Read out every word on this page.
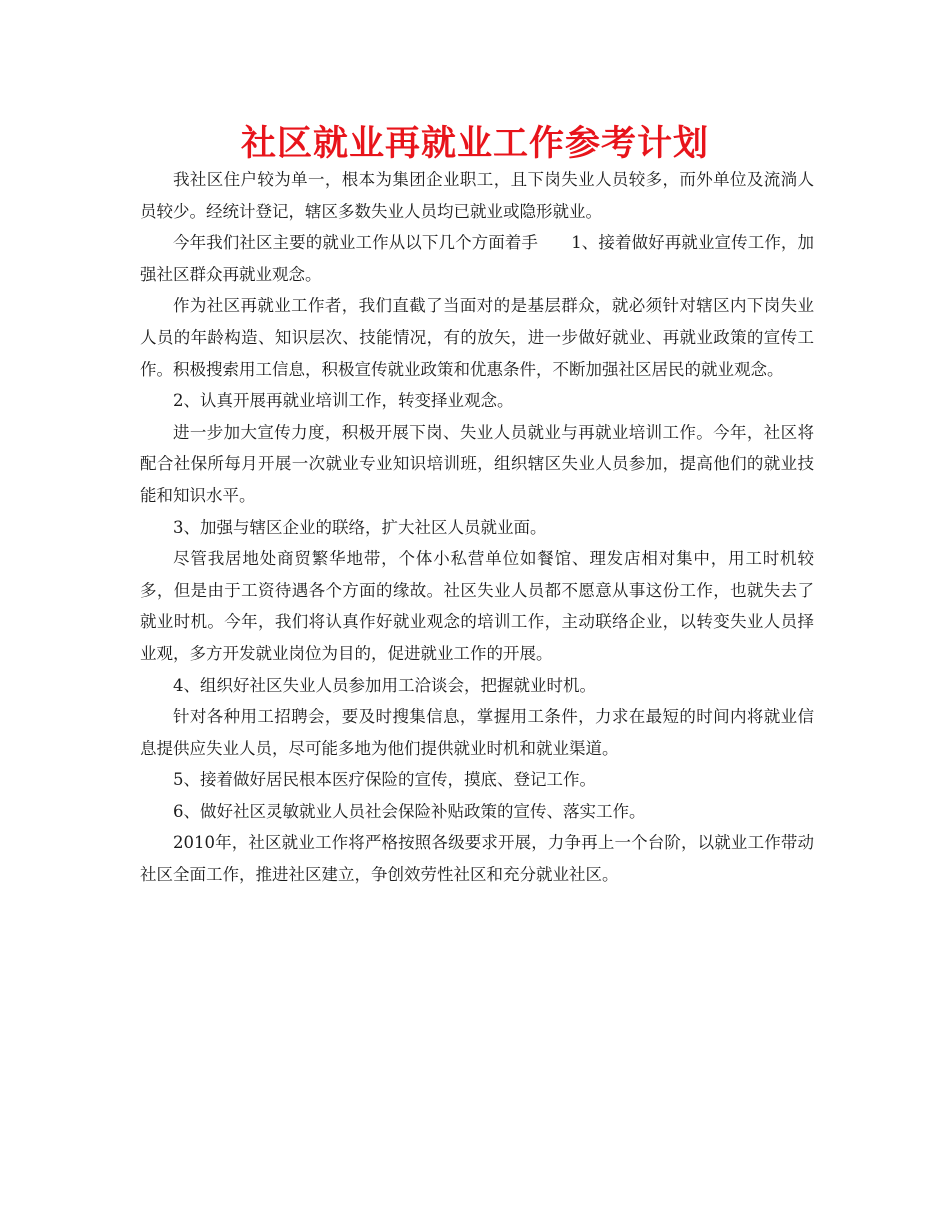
社区就业再就业工作参考计划

我社区住户较为单一，根本为集团企业职工，且下岗失业人员较多，而外单位及流淌人员较少。经统计登记，辖区多数失业人员均已就业或隐形就业。

今年我们社区主要的就业工作从以下几个方面着手　　1、接着做好再就业宣传工作，加强社区群众再就业观念。

作为社区再就业工作者，我们直截了当面对的是基层群众，就必须针对辖区内下岗失业人员的年龄构造、知识层次、技能情况，有的放矢，进一步做好就业、再就业政策的宣传工作。积极搜索用工信息，积极宣传就业政策和优惠条件，不断加强社区居民的就业观念。

2、认真开展再就业培训工作，转变择业观念。

进一步加大宣传力度，积极开展下岗、失业人员就业与再就业培训工作。今年，社区将配合社保所每月开展一次就业专业知识培训班，组织辖区失业人员参加，提高他们的就业技能和知识水平。

3、加强与辖区企业的联络，扩大社区人员就业面。

尽管我居地处商贸繁华地带，个体小私营单位如餐馆、理发店相对集中，用工时机较多，但是由于工资待遇各个方面的缘故。社区失业人员都不愿意从事这份工作，也就失去了就业时机。今年，我们将认真作好就业观念的培训工作，主动联络企业，以转变失业人员择业观，多方开发就业岗位为目的，促进就业工作的开展。

4、组织好社区失业人员参加用工洽谈会，把握就业时机。

针对各种用工招聘会，要及时搜集信息，掌握用工条件，力求在最短的时间内将就业信息提供应失业人员，尽可能多地为他们提供就业时机和就业渠道。

5、接着做好居民根本医疗保险的宣传，摸底、登记工作。

6、做好社区灵敏就业人员社会保险补贴政策的宣传、落实工作。

2010年，社区就业工作将严格按照各级要求开展，力争再上一个台阶，以就业工作带动社区全面工作，推进社区建立，争创效劳性社区和充分就业社区。
